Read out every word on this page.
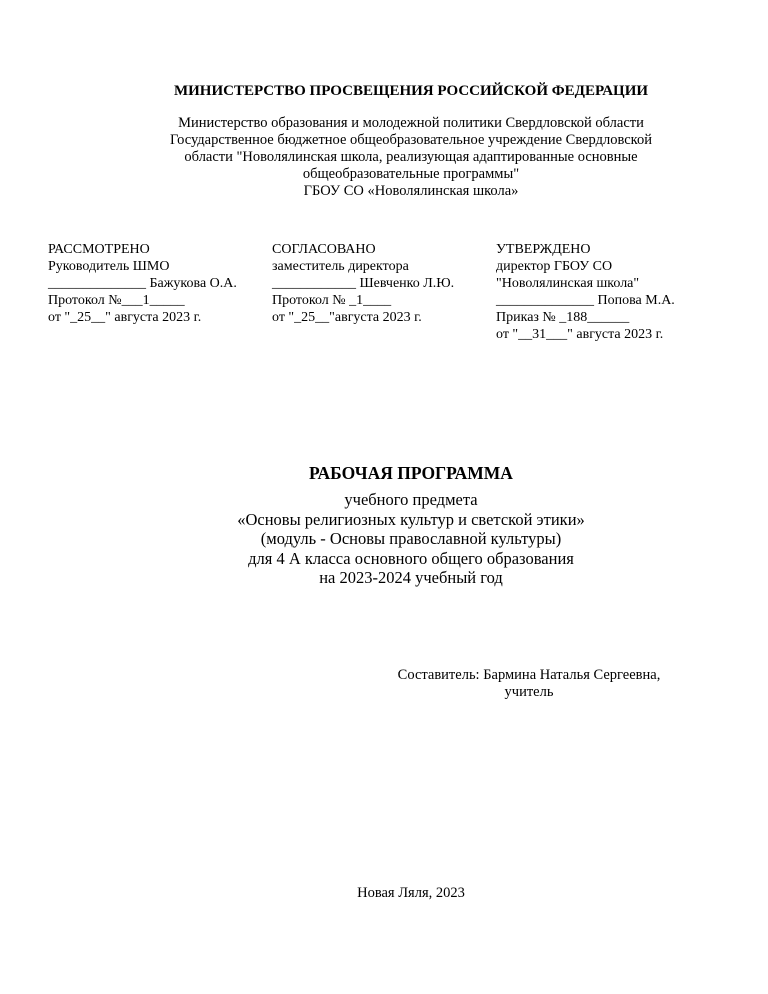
МИНИСТЕРСТВО ПРОСВЕЩЕНИЯ РОССИЙСКОЙ ФЕДЕРАЦИИ
Министерство образования и молодежной политики Свердловской области
Государственное бюджетное общеобразовательное учреждение Свердловской
области "Новолялинская школа, реализующая адаптированные основные
общеобразовательные программы"
ГБОУ СО «Новолялинская школа»
РАССМОТРЕНО
Руководитель ШМО
______________ Бажукова О.А.
Протокол №___1_____
от "_25__" августа 2023 г.
СОГЛАСОВАНО
заместитель директора
____________ Шевченко Л.Ю.
Протокол № _1____
от "_25__"августа 2023 г.
УТВЕРЖДЕНО
директор ГБОУ СО
"Новолялинская школа"
______________ Попова М.А.
Приказ № _188______
от "__31___" августа 2023 г.
РАБОЧАЯ ПРОГРАММА
учебного предмета
«Основы религиозных культур и светской этики»
(модуль - Основы православной культуры)
для 4 А класса основного общего образования
на 2023-2024 учебный год
Составитель: Бармина Наталья Сергеевна,
учитель
Новая Ляля, 2023
